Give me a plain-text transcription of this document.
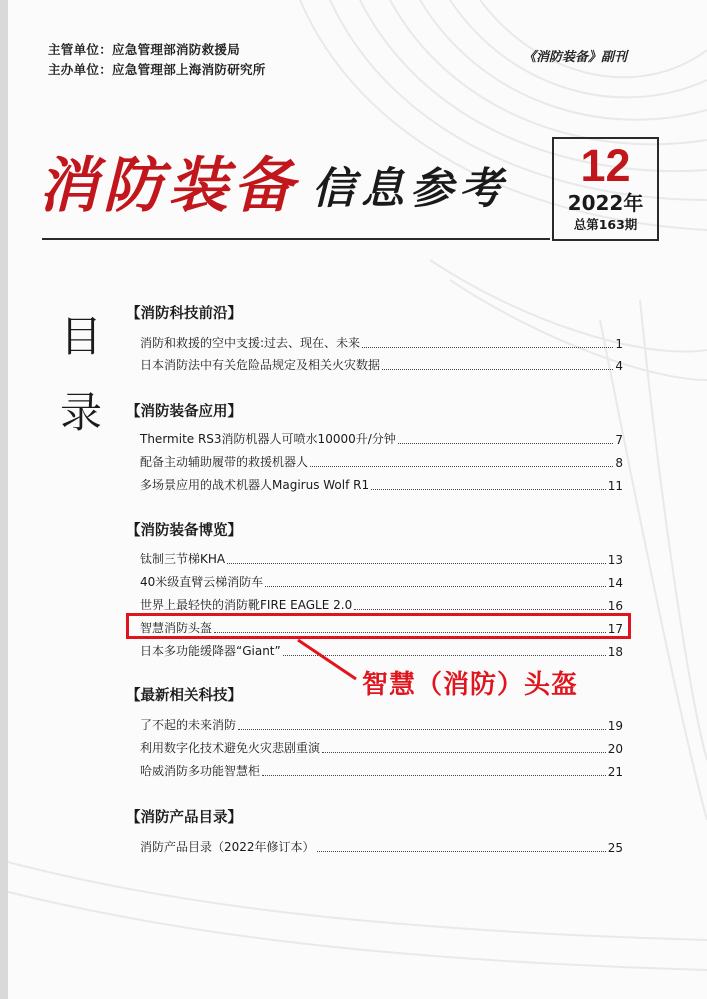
主管单位：应急管理部消防救援局
主办单位：应急管理部上海消防研究所
《消防装备》副刊
消防装备 信息参考	12
2022年
总第163期
目
录
【消防科技前沿】
消防和救援的空中支援:过去、现在、未来	1
日本消防法中有关危险品规定及相关火灾数据	4
【消防装备应用】
Thermite RS3消防机器人可喷水10000升/分钟	7
配备主动辅助履带的救援机器人	8
多场景应用的战术机器人Magirus Wolf R1	11
【消防装备博览】
钛制三节梯KHA	13
40米级直臂云梯消防车	14
世界上最轻快的消防靴FIRE EAGLE 2.0	16
智慧消防头盔	17
日本多功能缓降器“Giant”	18
【最新相关科技】
了不起的未来消防	19
利用数字化技术避免火灾悲剧重演	20
哈威消防多功能智慧柜	21
【消防产品目录】
消防产品目录（2022年修订本）	25
智慧（消防）头盔
